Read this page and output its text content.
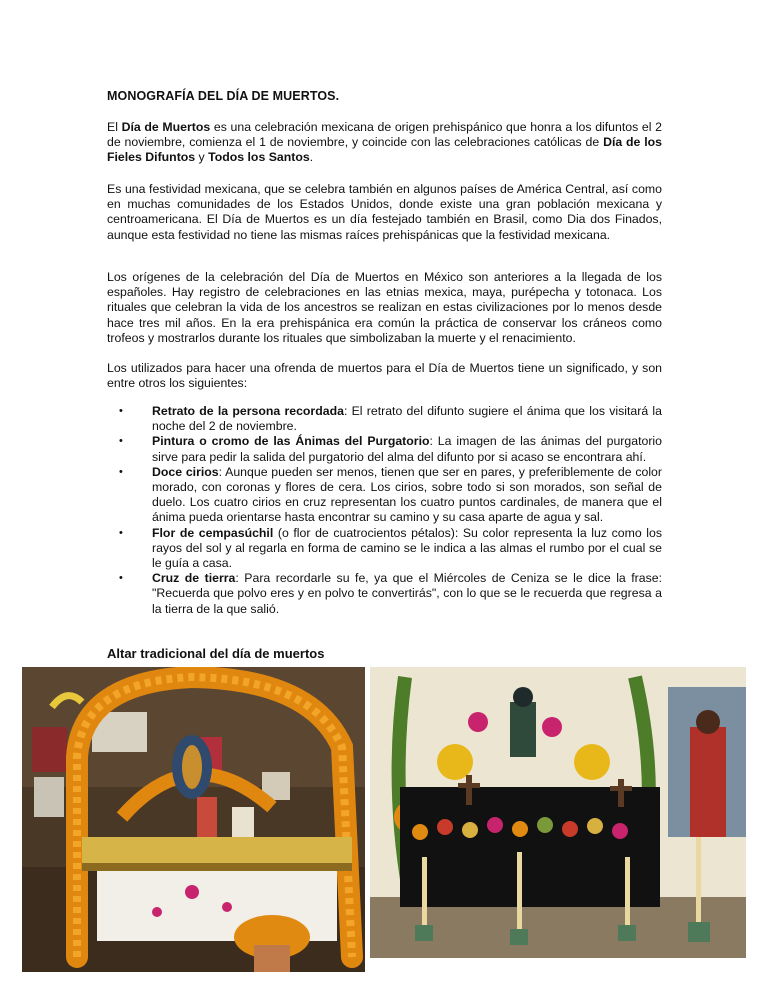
MONOGRAFÍA DEL DÍA DE MUERTOS.

El Día de Muertos es una celebración mexicana de origen prehispánico que honra a los difuntos el 2 de noviembre, comienza el 1 de noviembre, y coincide con las celebraciones católicas de Día de los Fieles Difuntos y Todos los Santos.

Es una festividad mexicana, que se celebra también en algunos países de América Central, así como en muchas comunidades de los Estados Unidos, donde existe una gran población mexicana y centroamericana. El Día de Muertos es un día festejado también en Brasil, como Dia dos Finados, aunque esta festividad no tiene las mismas raíces prehispánicas que la festividad mexicana.

Los orígenes de la celebración del Día de Muertos en México son anteriores a la llegada de los españoles. Hay registro de celebraciones en las etnias mexica, maya, purépecha y totonaca. Los rituales que celebran la vida de los ancestros se realizan en estas civilizaciones por lo menos desde hace tres mil años. En la era prehispánica era común la práctica de conservar los cráneos como trofeos y mostrarlos durante los rituales que simbolizaban la muerte y el renacimiento.

Los utilizados para hacer una ofrenda de muertos para el Día de Muertos tiene un significado, y son entre otros los siguientes:

• Retrato de la persona recordada: El retrato del difunto sugiere el ánima que los visitará la noche del 2 de noviembre.
• Pintura o cromo de las Ánimas del Purgatorio: La imagen de las ánimas del purgatorio sirve para pedir la salida del purgatorio del alma del difunto por si acaso se encontrara ahí.
• Doce cirios: Aunque pueden ser menos, tienen que ser en pares, y preferiblemente de color morado, con coronas y flores de cera. Los cirios, sobre todo si son morados, son señal de duelo. Los cuatro cirios en cruz representan los cuatro puntos cardinales, de manera que el ánima pueda orientarse hasta encontrar su camino y su casa aparte de agua y sal.
• Flor de cempasúchil (o flor de cuatrocientos pétalos): Su color representa la luz como los rayos del sol y al regarla en forma de camino se le indica a las almas el rumbo por el cual se le guía a casa.
• Cruz de tierra: Para recordarle su fe, ya que el Miércoles de Ceniza se le dice la frase: "Recuerda que polvo eres y en polvo te convertirás", con lo que se le recuerda que regresa a la tierra de la que salió.
Altar tradicional del día de muertos
